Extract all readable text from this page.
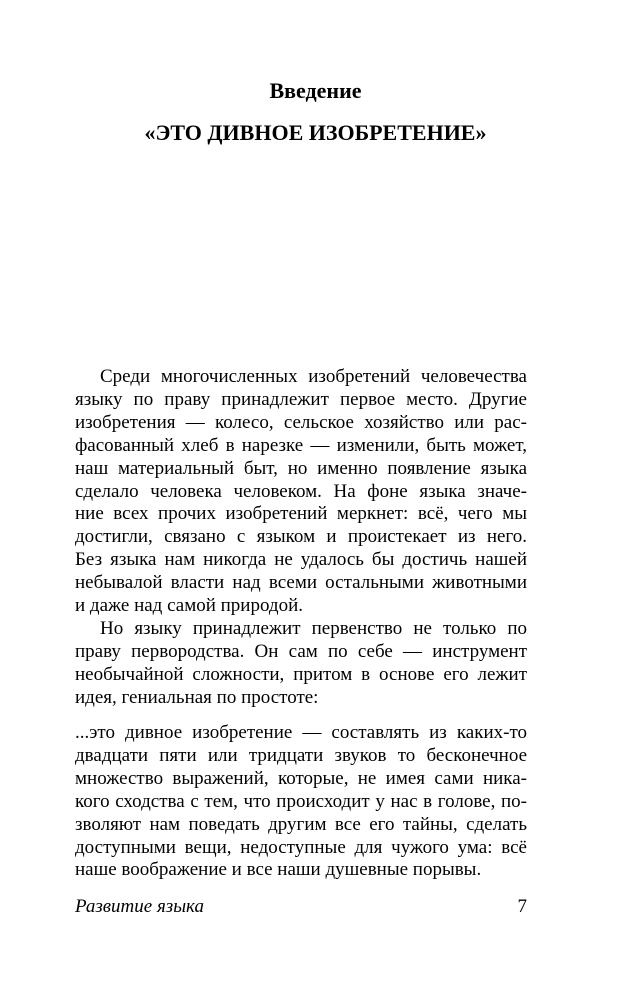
Введение
«ЭТО ДИВНОЕ ИЗОБРЕТЕНИЕ»
Среди многочисленных изобретений человечества
языку по праву принадлежит первое место. Другие
изобретения — колесо, сельское хозяйство или рас-
фасованный хлеб в нарезке — изменили, быть может,
наш материальный быт, но именно появление языка
сделало человека человеком. На фоне языка значе-
ние всех прочих изобретений меркнет: всё, чего мы
достигли, связано с языком и проистекает из него.
Без языка нам никогда не удалось бы достичь нашей
небывалой власти над всеми остальными животными
и даже над самой природой.
Но языку принадлежит первенство не только по
праву первородства. Он сам по себе — инструмент
необычайной сложности, притом в основе его лежит
идея, гениальная по простоте:
...это дивное изобретение — составлять из каких-то
двадцати пяти или тридцати звуков то бесконечное
множество выражений, которые, не имея сами ника-
кого сходства с тем, что происходит у нас в голове, по-
зволяют нам поведать другим все его тайны, сделать
доступными вещи, недоступные для чужого ума: всё
наше воображение и все наши душевные порывы.
Развитие языка	7
